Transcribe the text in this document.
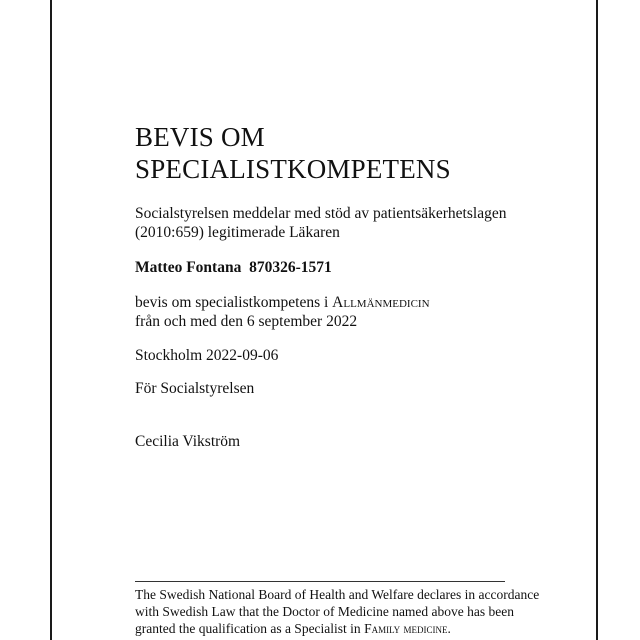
BEVIS OM
SPECIALISTKOMPETENS

Socialstyrelsen meddelar med stöd av patientsäkerhetslagen
(2010:659) legitimerade Läkaren

Matteo Fontana 870326-1571

bevis om specialistkompetens i Allmänmedicin
från och med den 6 september 2022

Stockholm 2022-09-06

För Socialstyrelsen

Cecilia Vikström

The Swedish National Board of Health and Welfare declares in accordance
with Swedish Law that the Doctor of Medicine named above has been
granted the qualification as a Specialist in Family medicine.
